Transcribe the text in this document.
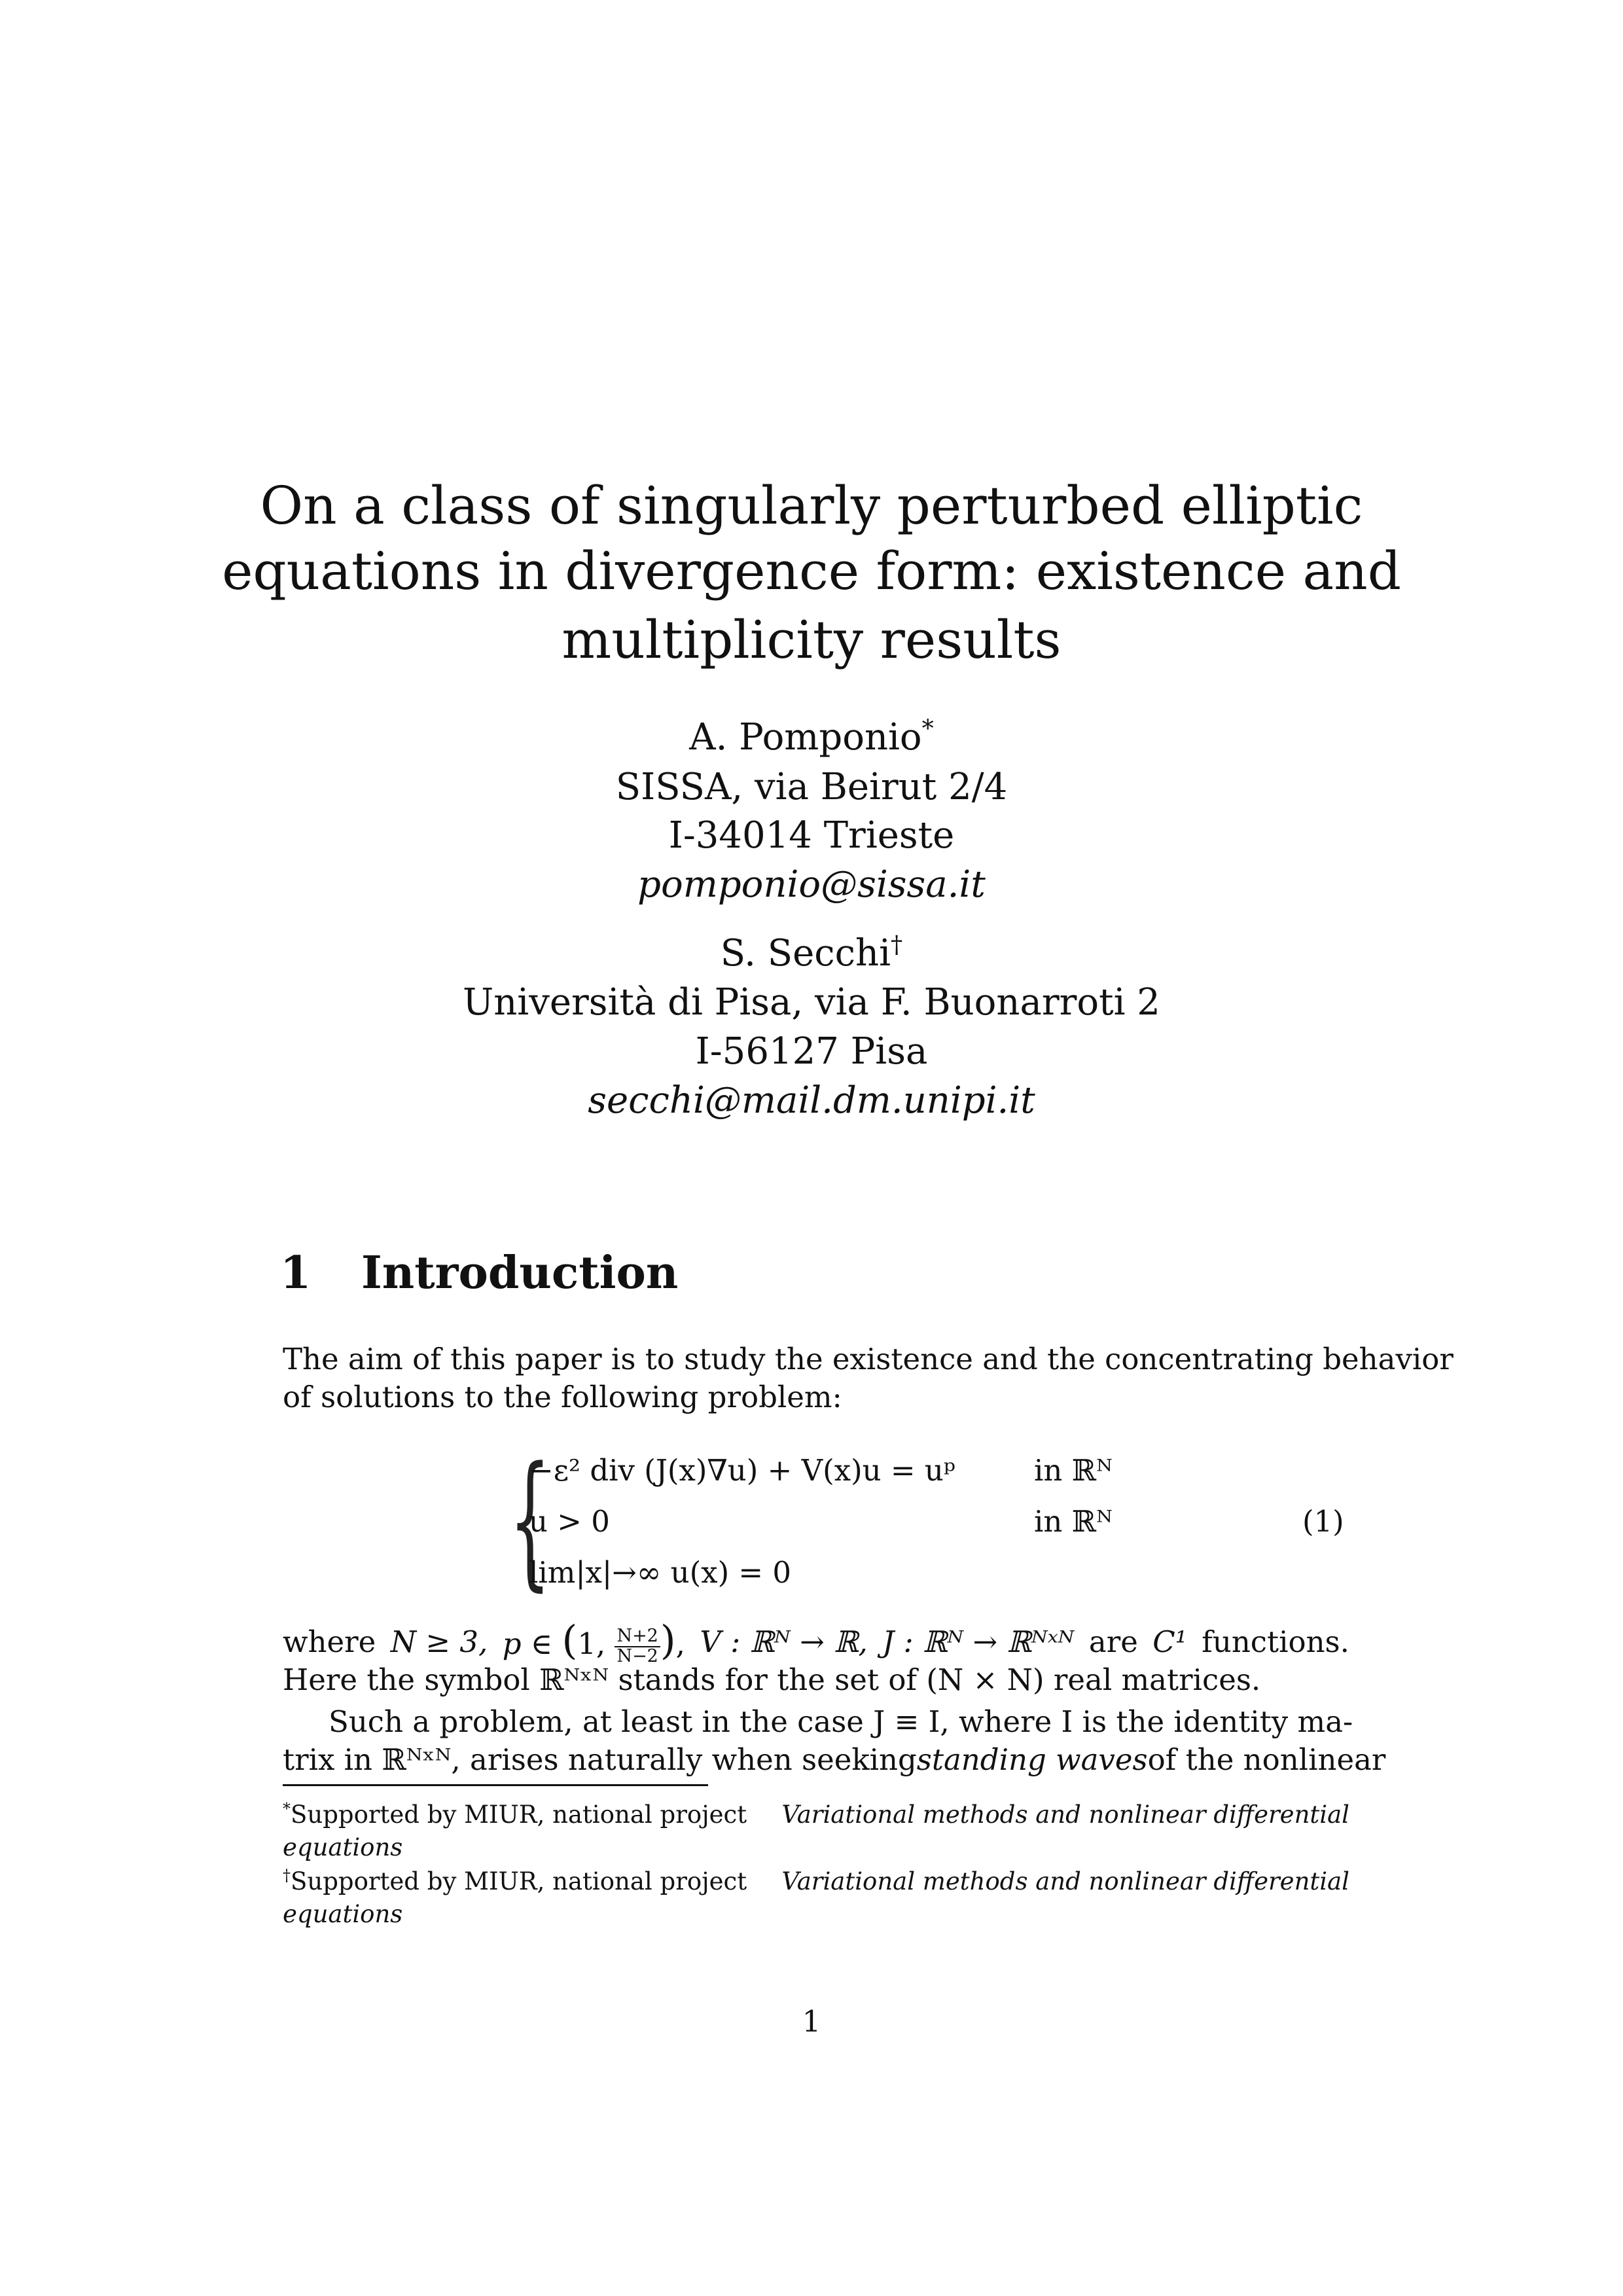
On a class of singularly perturbed elliptic
equations in divergence form: existence and
multiplicity results
A. Pomponio*
SISSA, via Beirut 2/4
I-34014 Trieste
pomponio@sissa.it
S. Secchi†
Università di Pisa, via F. Buonarroti 2
I-56127 Pisa
secchi@mail.dm.unipi.it
1 Introduction
The aim of this paper is to study the existence and the concentrating behavior
of solutions to the following problem:
{
−ε² div (J(x)∇u) + V(x)u = uᵖ	in ℝᴺ
u > 0	in ℝᴺ
lim|x|→∞ u(x) = 0
(1)
where N ≥ 3, p ∈ (1, $\frac{N+2}{N-2}$ ), V : ℝᴺ → ℝ, J : ℝᴺ → ℝᴺˣᴺ are C¹ functions.
Here the symbol ℝᴺˣᴺ stands for the set of (N × N) real matrices.
Such a problem, at least in the case J ≡ I, where I is the identity ma-
trix in ℝᴺˣᴺ, arises naturally when seeking standing waves of the nonlinear
*Supported by MIUR, national project Variational methods and nonlinear differential
equations
†Supported by MIUR, national project Variational methods and nonlinear differential
equations
1
